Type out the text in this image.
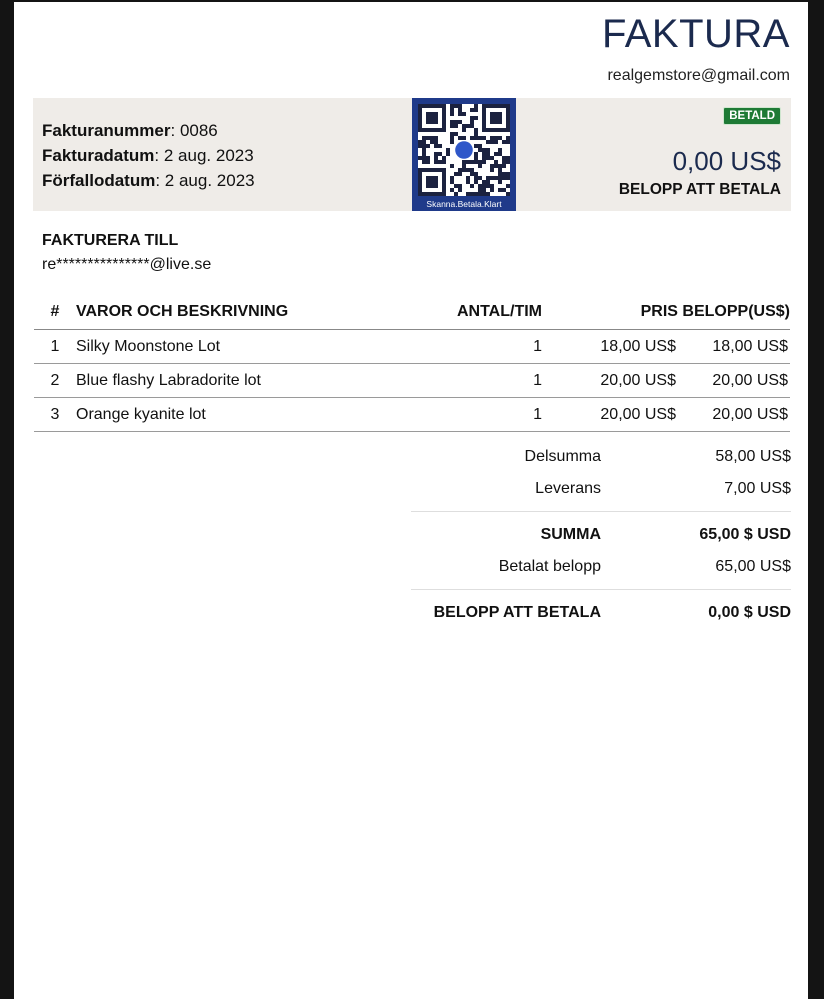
FAKTURA
realgemstore@gmail.com
Fakturanummer: 0086
Fakturadatum: 2 aug. 2023
Förfallodatum: 2 aug. 2023
Skanna.Betala.Klart
BETALD
0,00 US$
BELOPP ATT BETALA
FAKTURERA TILL
re***************@live.se
#	VAROR OCH BESKRIVNING	ANTAL/TIM	PRIS BELOPP(US$)	
1	Silky Moonstone Lot	1	18,00 US$	18,00 US$
2	Blue flashy Labradorite lot	1	20,00 US$	20,00 US$
3	Orange kyanite lot	1	20,00 US$	20,00 US$
Delsumma	58,00 US$
Leverans	7,00 US$
SUMMA	65,00 $ USD
Betalat belopp	65,00 US$
BELOPP ATT BETALA	0,00 $ USD
